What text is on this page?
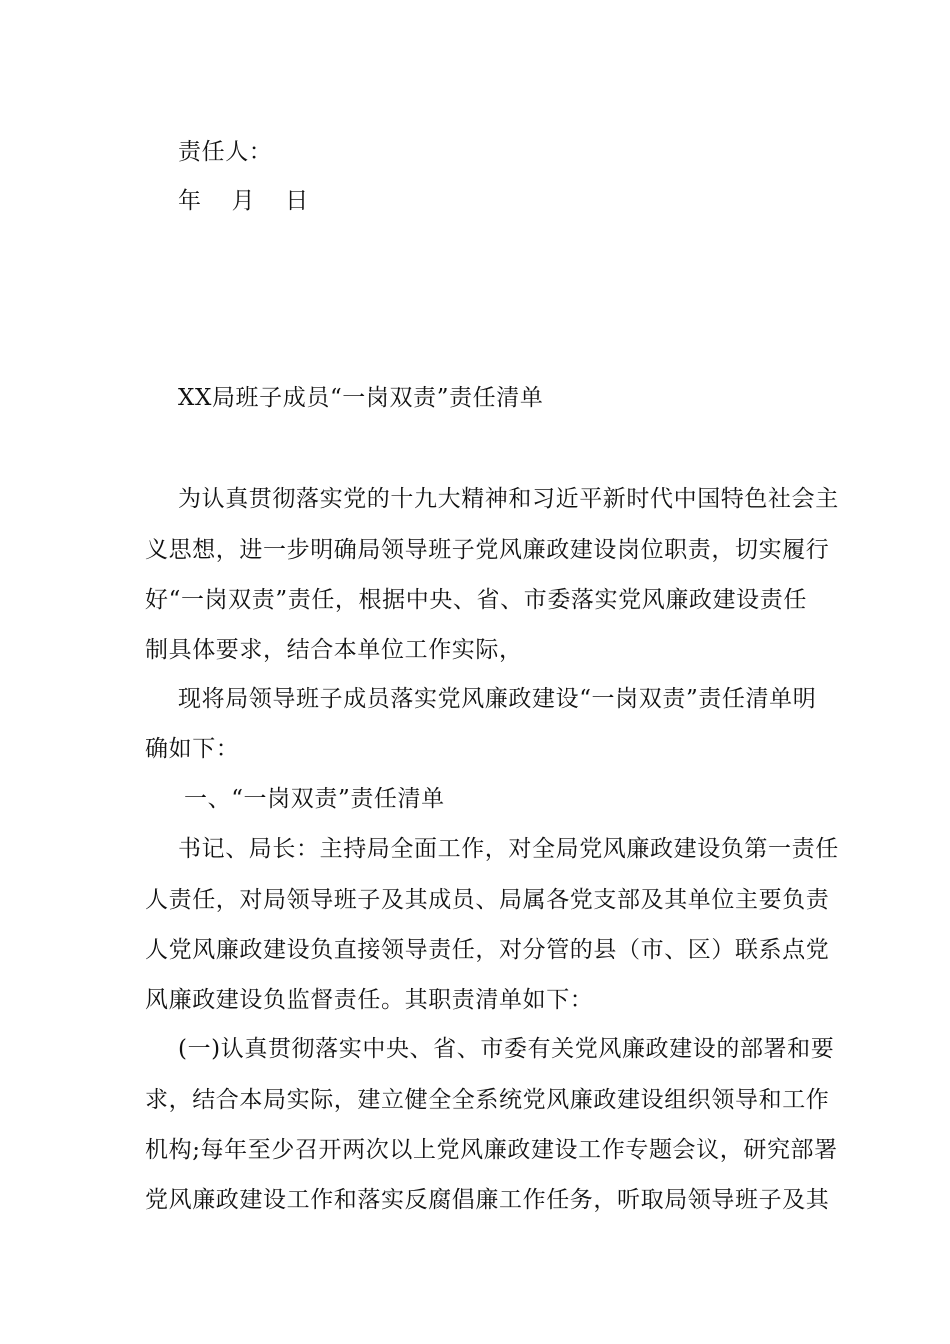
责任人：
年 月 日
XX局班子成员“一岗双责”责任清单
为认真贯彻落实党的十九大精神和习近平新时代中国特色社会主
义思想，进一步明确局领导班子党风廉政建设岗位职责，切实履行
好“一岗双责”责任，根据中央、省、市委落实党风廉政建设责任
制具体要求，结合本单位工作实际，
现将局领导班子成员落实党风廉政建设“一岗双责”责任清单明
确如下：
一、“一岗双责”责任清单
书记、局长：主持局全面工作，对全局党风廉政建设负第一责任
人责任，对局领导班子及其成员、局属各党支部及其单位主要负责
人党风廉政建设负直接领导责任，对分管的县（市、区）联系点党
风廉政建设负监督责任。其职责清单如下：
(一)认真贯彻落实中央、省、市委有关党风廉政建设的部署和要
求，结合本局实际，建立健全全系统党风廉政建设组织领导和工作
机构;每年至少召开两次以上党风廉政建设工作专题会议，研究部署
党风廉政建设工作和落实反腐倡廉工作任务，听取局领导班子及其
